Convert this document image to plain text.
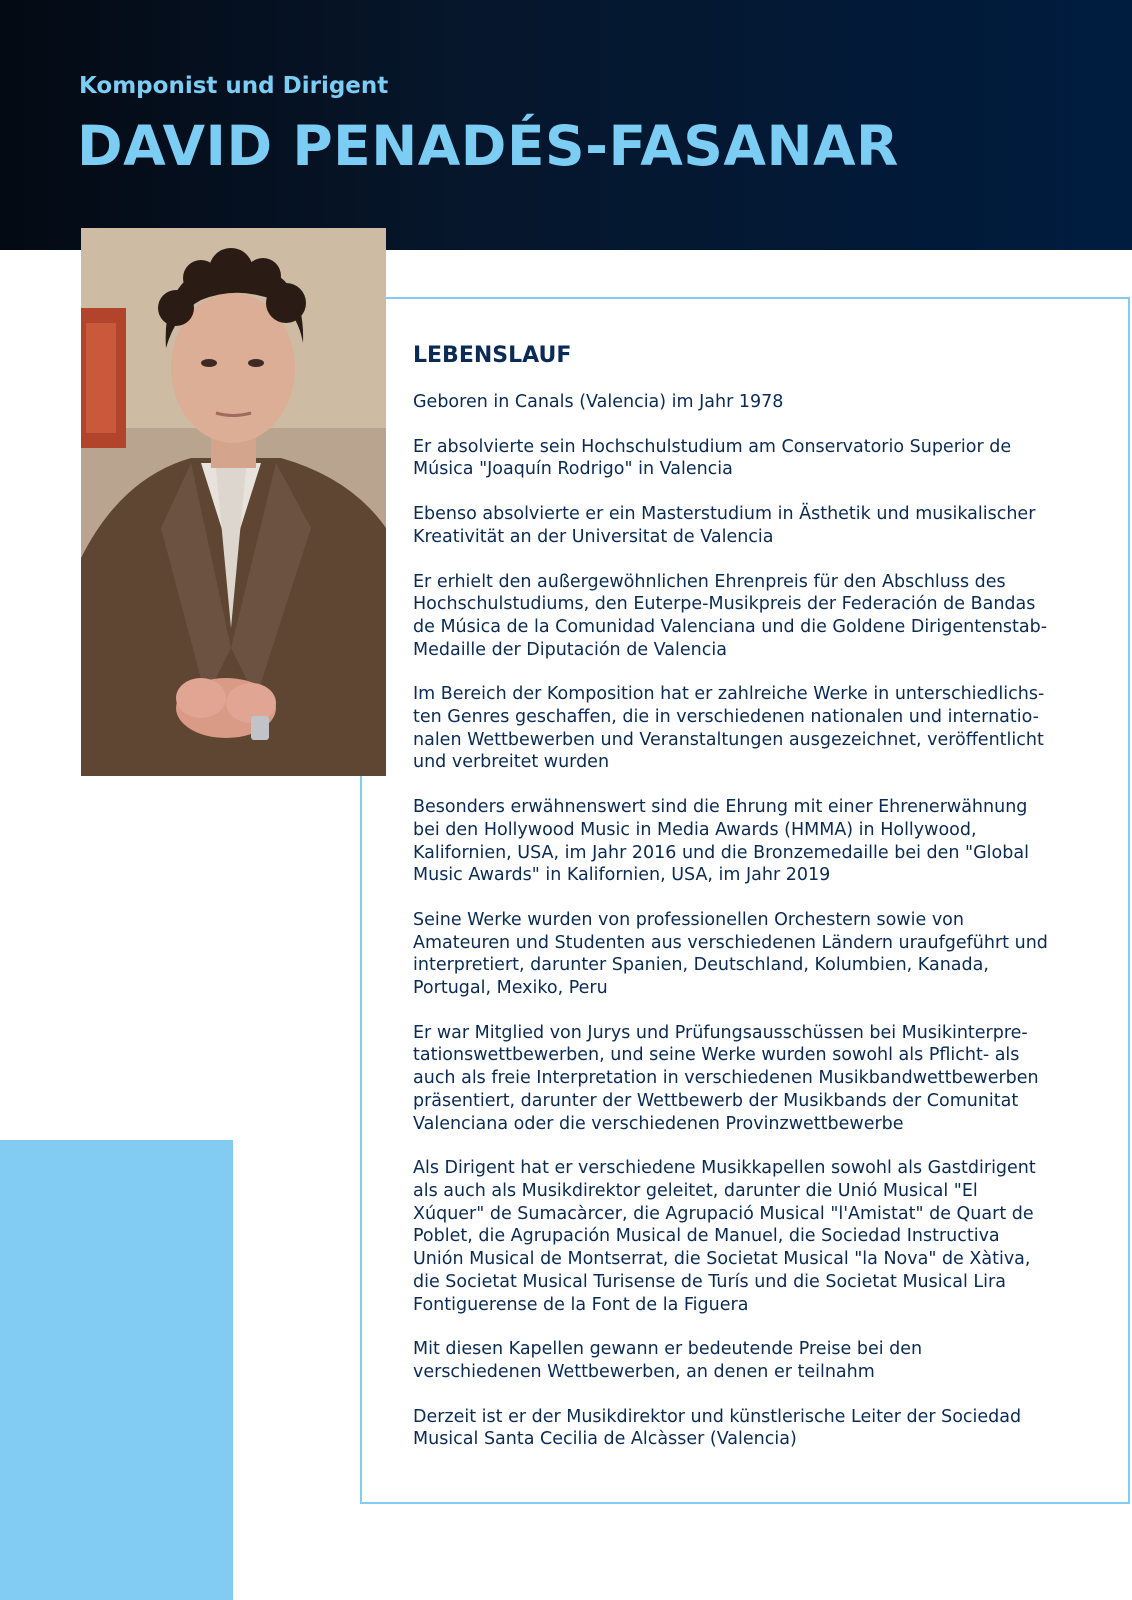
Komponist und Dirigent
DAVID PENADÉS-FASANAR
LEBENSLAUF

Geboren in Canals (Valencia) im Jahr 1978

Er absolvierte sein Hochschulstudium am Conservatorio Superior de Música "Joaquín Rodrigo" in Valencia

Ebenso absolvierte er ein Masterstudium in Ästhetik und musikalischer Kreativität an der Universitat de Valencia

Er erhielt den außergewöhnlichen Ehrenpreis für den Abschluss des Hochschulstudiums, den Euterpe-Musikpreis der Federación de Bandas de Música de la Comunidad Valenciana und die Goldene Dirigentenstab-Medaille der Diputación de Valencia

Im Bereich der Komposition hat er zahlreiche Werke in unterschiedlichs-ten Genres geschaffen, die in verschiedenen nationalen und internatio-nalen Wettbewerben und Veranstaltungen ausgezeichnet, veröffentlicht und verbreitet wurden

Besonders erwähnenswert sind die Ehrung mit einer Ehrenerwähnung bei den Hollywood Music in Media Awards (HMMA) in Hollywood, Kalifornien, USA, im Jahr 2016 und die Bronzemedaille bei den "Global Music Awards" in Kalifornien, USA, im Jahr 2019

Seine Werke wurden von professionellen Orchestern sowie von Amateuren und Studenten aus verschiedenen Ländern uraufgeführt und interpretiert, darunter Spanien, Deutschland, Kolumbien, Kanada, Portugal, Mexiko, Peru

Er war Mitglied von Jurys und Prüfungsausschüssen bei Musikinterpre-tationswettbewerben, und seine Werke wurden sowohl als Pflicht- als auch als freie Interpretation in verschiedenen Musikbandwettbewerben präsentiert, darunter der Wettbewerb der Musikbands der Comunitat Valenciana oder die verschiedenen Provinzwettbewerbe

Als Dirigent hat er verschiedene Musikkapellen sowohl als Gastdirigent als auch als Musikdirektor geleitet, darunter die Unió Musical "El Xúquer" de Sumacàrcer, die Agrupació Musical "l'Amistat" de Quart de Poblet, die Agrupación Musical de Manuel, die Sociedad Instructiva Unión Musical de Montserrat, die Societat Musical "la Nova" de Xàtiva, die Societat Musical Turisense de Turís und die Societat Musical Lira Fontiguerense de la Font de la Figuera

Mit diesen Kapellen gewann er bedeutende Preise bei den verschiedenen Wettbewerben, an denen er teilnahm

Derzeit ist er der Musikdirektor und künstlerische Leiter der Sociedad Musical Santa Cecilia de Alcàsser (Valencia)
